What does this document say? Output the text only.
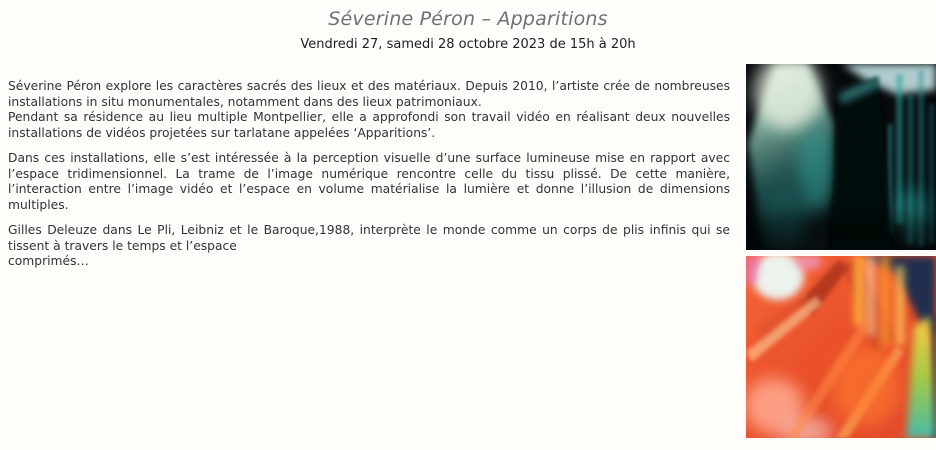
Séverine Péron – Apparitions
Vendredi 27, samedi 28 octobre 2023 de 15h à 20h

Séverine Péron explore les caractères sacrés des lieux et des matériaux. Depuis 2010, l’artiste crée de nombreuses installations in situ monumentales, notamment dans des lieux patrimoniaux.

Pendant sa résidence au lieu multiple Montpellier, elle a approfondi son travail vidéo en réalisant deux nouvelles installations de vidéos projetées sur tarlatane appelées ‘Apparitions’.

Dans ces installations, elle s’est intéressée à la perception visuelle d’une surface lumineuse mise en rapport avec l’espace tridimensionnel. La trame de l’image numérique rencontre celle du tissu plissé. De cette manière, l’interaction entre l’image vidéo et l’espace en volume matérialise la lumière et donne l’illusion de dimensions multiples.

Gilles Deleuze dans Le Pli, Leibniz et le Baroque,1988, interprète le monde comme un corps de plis infinis qui se tissent à travers le temps et l’espace

comprimés…
